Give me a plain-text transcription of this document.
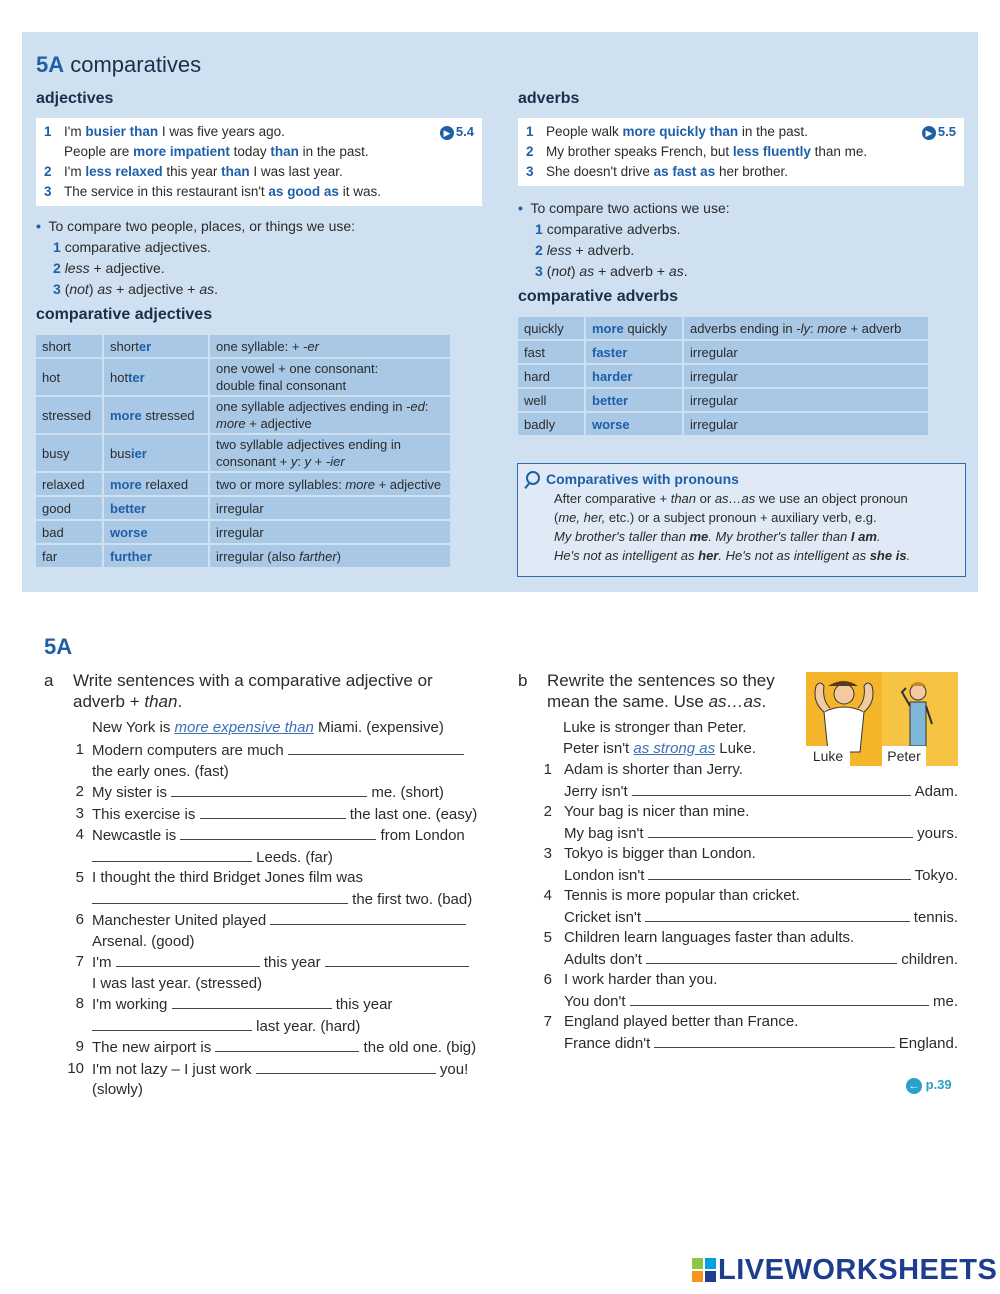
5A comparatives
adjectives	adverbs
▶ 5.4
1 I'm busier than I was five years ago.
People are more impatient today than in the past.
2 I'm less relaxed this year than I was last year.
3 The service in this restaurant isn't as good as it was.
▶ 5.5
1 People walk more quickly than in the past.
2 My brother speaks French, but less fluently than me.
3 She doesn't drive as fast as her brother.
• To compare two people, places, or things we use:
1 comparative adjectives.
2 less + adjective.
3 (not) as + adjective + as.
• To compare two actions we use:
1 comparative adverbs.
2 less + adverb.
3 (not) as + adverb + as.
comparative adjectives
comparative adverbs
short	shorter	one syllable: + -er
hot	hotter	one vowel + one consonant:
double final consonant
stressed	more stressed	one syllable adjectives ending in -ed:
more + adjective
busy	busier	two syllable adjectives ending in
consonant + y: y + -ier
relaxed	more relaxed	two or more syllables: more + adjective
good	better	irregular
bad	worse	irregular
far	further	irregular (also farther)
quickly	more quickly	adverbs ending in -ly: more + adverb
fast	faster	irregular
hard	harder	irregular
well	better	irregular
badly	worse	irregular
Comparatives with pronouns
After comparative + than or as…as we use an object pronoun
(me, her, etc.) or a subject pronoun + auxiliary verb, e.g.
My brother's taller than me. My brother's taller than I am.
He's not as intelligent as her. He's not as intelligent as she is.
5A
a	Write sentences with a comparative adjective or
adverb + than.
New York is more expensive than Miami. (expensive)
1 Modern computers are much
the early ones. (fast)
2 My sister is	me. (short)
3 This exercise is	the last one. (easy)
4 Newcastle is	from London
Leeds. (far)
5 I thought the third Bridget Jones film was
the first two. (bad)
6 Manchester United played
Arsenal. (good)
7 I'm	this year
I was last year. (stressed)
8 I'm working	this year
last year. (hard)
9 The new airport is	the old one. (big)
10 I'm not lazy – I just work	you!
(slowly)
b	Rewrite the sentences so they
mean the same. Use as…as.
Luke is stronger than Peter.
Peter isn't as strong as Luke.	Luke	Peter
1 Adam is shorter than Jerry.
Jerry isn't	Adam.
2 Your bag is nicer than mine.
My bag isn't	yours.
3 Tokyo is bigger than London.
London isn't	Tokyo.
4 Tennis is more popular than cricket.
Cricket isn't	tennis.
5 Children learn languages faster than adults.
Adults don't	children.
6 I work harder than you.
You don't	me.
7 England played better than France.
France didn't	England.
← p.39
LIVEWORKSHEETS
